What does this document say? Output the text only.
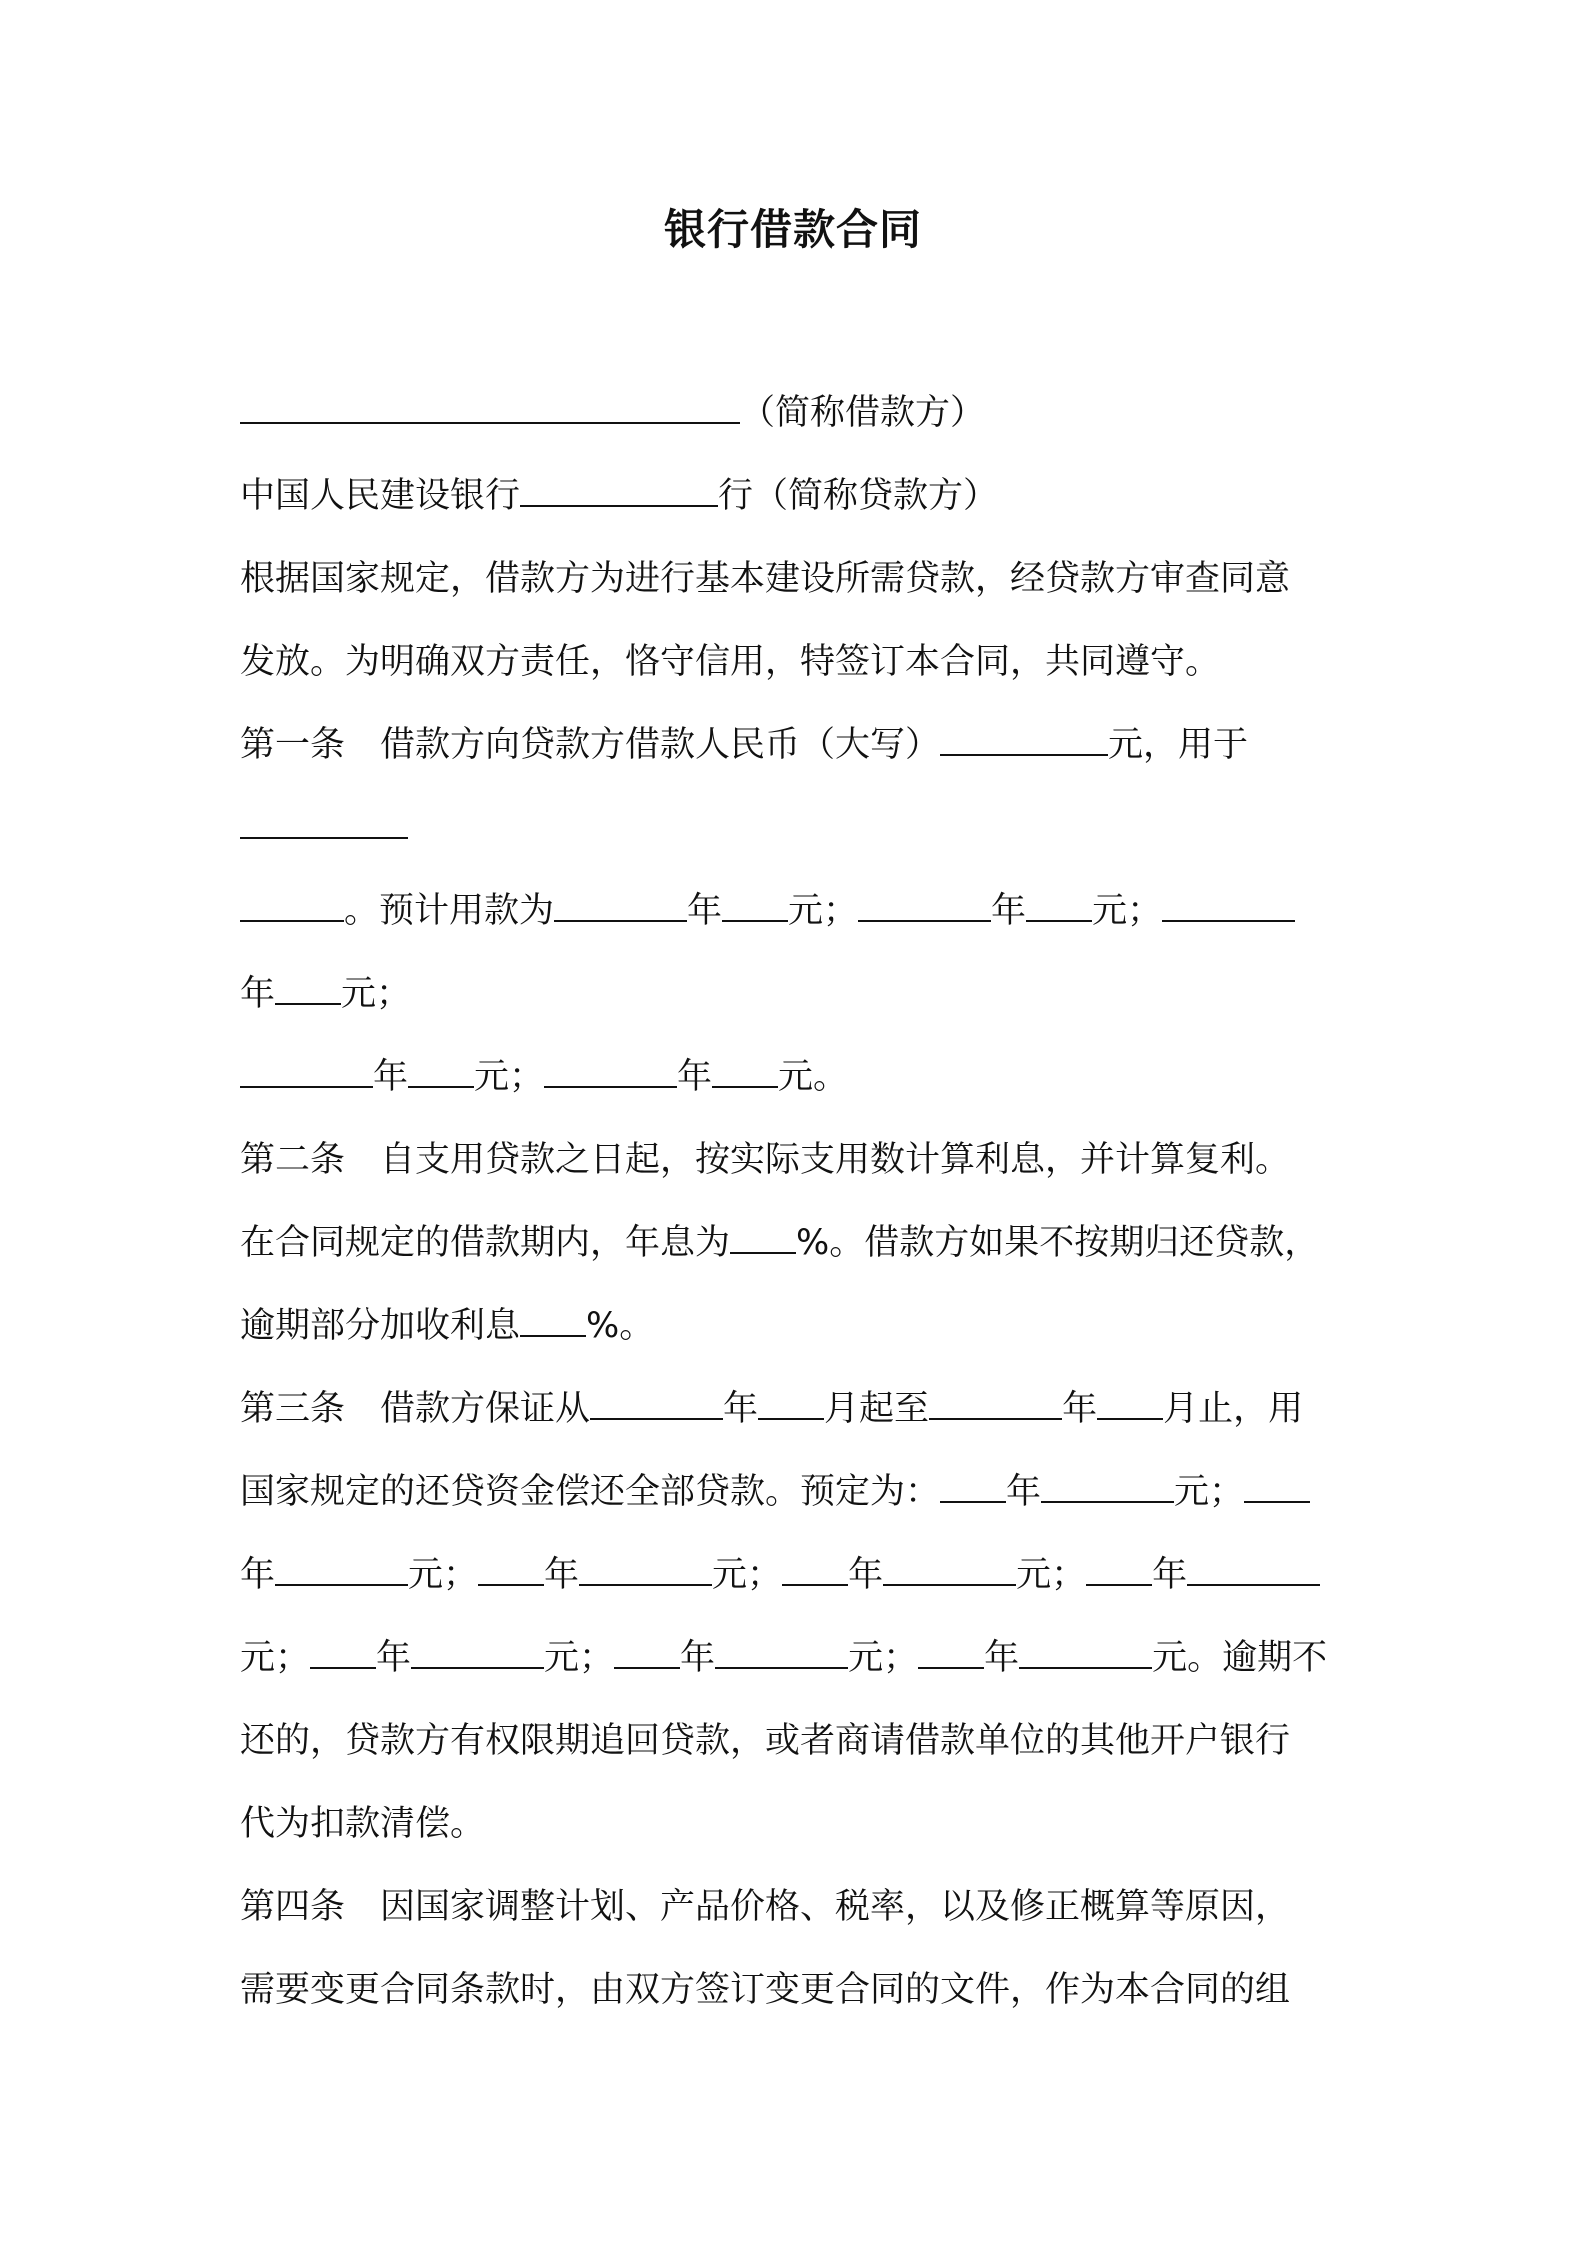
银行借款合同
（简称借款方）
中国人民建设银行	行（简称贷款方）
根据国家规定，借款方为进行基本建设所需贷款，经贷款方审查同意
发放。为明确双方责任，恪守信用，特签订本合同，共同遵守。
第一条 借款方向贷款方借款人民币（大写）	元，用于
。预计用款为	年 元；	年 元；
年 元；
年 元；	年 元。
第二条 自支用贷款之日起，按实际支用数计算利息，并计算复利。
在合同规定的借款期内，年息为 %。借款方如果不按期归还贷款，
逾期部分加收利息 %。
第三条 借款方保证从	年 月起至	年 月止，用
国家规定的还贷资金偿还全部贷款。预定为： 年	元；
年	元； 年	元； 年	元； 年
元； 年	元； 年	元； 年	元。逾期不
还的，贷款方有权限期追回贷款，或者商请借款单位的其他开户银行
代为扣款清偿。
第四条 因国家调整计划、产品价格、税率，以及修正概算等原因，
需要变更合同条款时，由双方签订变更合同的文件，作为本合同的组
